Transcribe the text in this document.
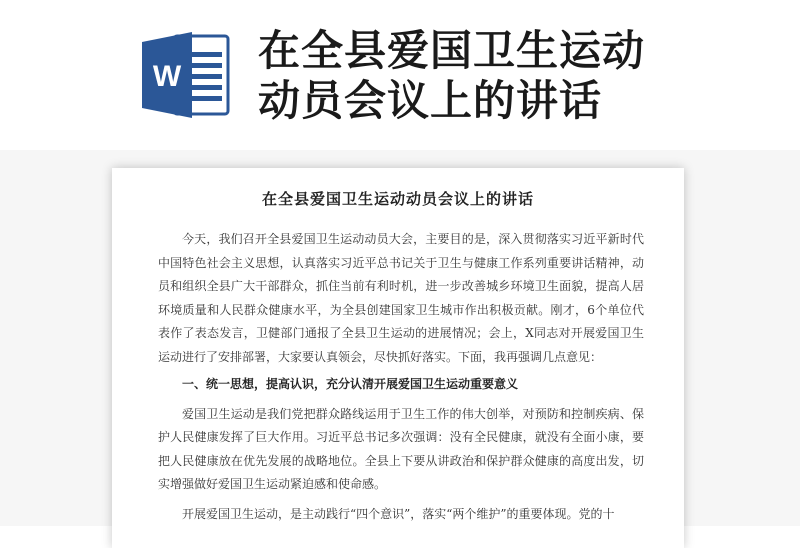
W
在全县爱国卫生运动
动员会议上的讲话
在全县爱国卫生运动动员会议上的讲话

今天，我们召开全县爱国卫生运动动员大会，主要目的是，深入贯彻落实习近平新时代中国特色社会主义思想，认真落实习近平总书记关于卫生与健康工作系列重要讲话精神，动员和组织全县广大干部群众，抓住当前有利时机，进一步改善城乡环境卫生面貌，提高人居环境质量和人民群众健康水平，为全县创建国家卫生城市作出积极贡献。刚才，6个单位代表作了表态发言，卫健部门通报了全县卫生运动的进展情况；会上，X同志对开展爱国卫生运动进行了安排部署，大家要认真领会，尽快抓好落实。下面，我再强调几点意见：

一、统一思想，提高认识，充分认清开展爱国卫生运动重要意义

爱国卫生运动是我们党把群众路线运用于卫生工作的伟大创举，对预防和控制疾病、保护人民健康发挥了巨大作用。习近平总书记多次强调：没有全民健康，就没有全面小康，要把人民健康放在优先发展的战略地位。全县上下要从讲政治和保护群众健康的高度出发，切实增强做好爱国卫生运动紧迫感和使命感。

开展爱国卫生运动，是主动践行“四个意识”，落实“两个维护”的重要体现。党的十
